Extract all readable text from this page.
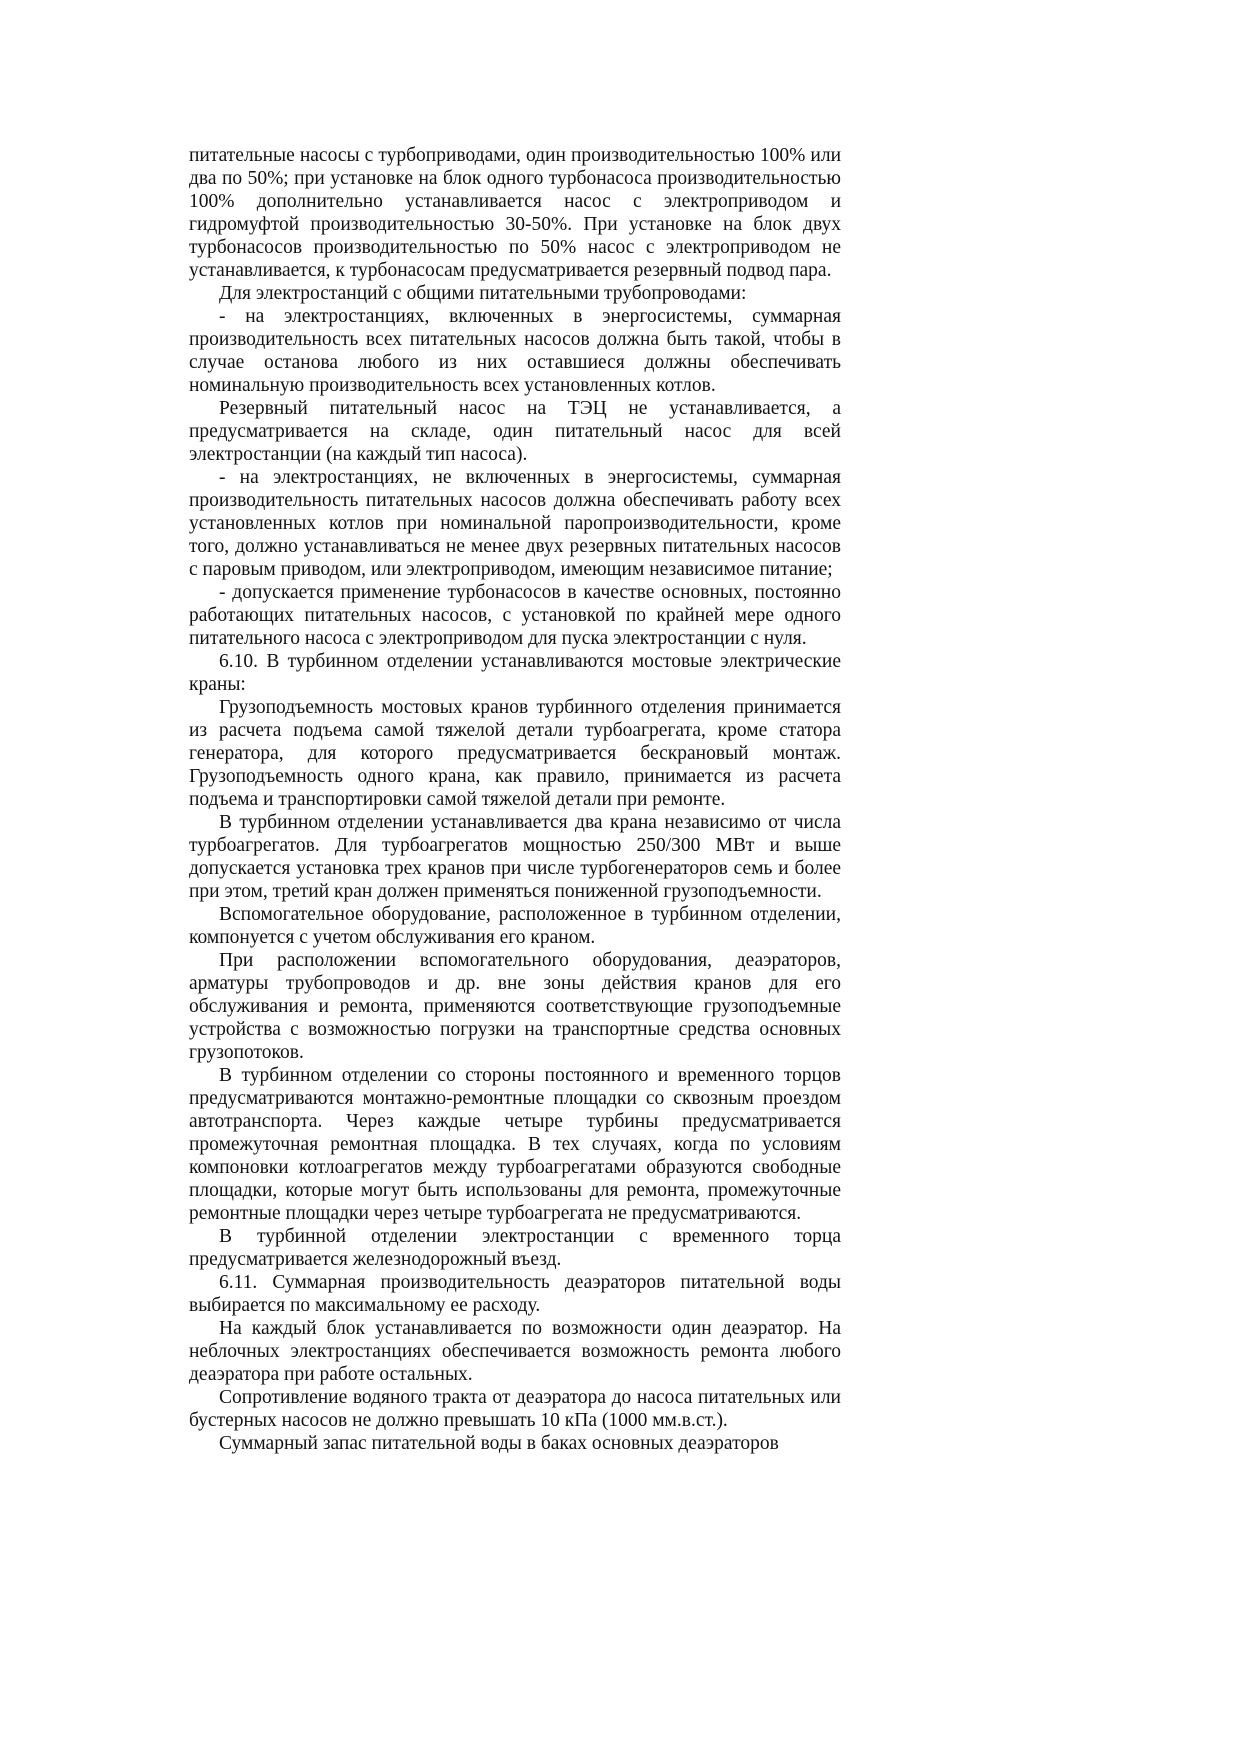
питательные насосы с турбоприводами, один производительностью 100% или два по 50%; при установке на блок одного турбонасоса производительностью 100% дополнительно устанавливается насос с электроприводом и гидромуфтой производительностью 30-50%. При установке на блок двух турбонасосов производительностью по 50% насос с электроприводом не устанавливается, к турбонасосам предусматривается резервный подвод пара.

Для электростанций с общими питательными трубопроводами:

- на электростанциях, включенных в энергосистемы, суммарная производительность всех питательных насосов должна быть такой, чтобы в случае останова любого из них оставшиеся должны обеспечивать номинальную производительность всех установленных котлов.

Резервный питательный насос на ТЭЦ не устанавливается, а предусматривается на складе, один питательный насос для всей электростанции (на каждый тип насоса).

- на электростанциях, не включенных в энергосистемы, суммарная производительность питательных насосов должна обеспечивать работу всех установленных котлов при номинальной паропроизводительности, кроме того, должно устанавливаться не менее двух резервных питательных насосов с паровым приводом, или электроприводом, имеющим независимое питание;

- допускается применение турбонасосов в качестве основных, постоянно работающих питательных насосов, с установкой по крайней мере одного питательного насоса с электроприводом для пуска электростанции с нуля.

6.10. В турбинном отделении устанавливаются мостовые электрические краны:

Грузоподъемность мостовых кранов турбинного отделения принимается из расчета подъема самой тяжелой детали турбоагрегата, кроме статора генератора, для которого предусматривается бескрановый монтаж. Грузоподъемность одного крана, как правило, принимается из расчета подъема и транспортировки самой тяжелой детали при ремонте.

В турбинном отделении устанавливается два крана независимо от числа турбоагрегатов. Для турбоагрегатов мощностью 250/300 МВт и выше допускается установка трех кранов при числе турбогенераторов семь и более при этом, третий кран должен применяться пониженной грузоподъемности.

Вспомогательное оборудование, расположенное в турбинном отделении, компонуется с учетом обслуживания его краном.

При расположении вспомогательного оборудования, деаэраторов, арматуры трубопроводов и др. вне зоны действия кранов для его обслуживания и ремонта, применяются соответствующие грузоподъемные устройства с возможностью погрузки на транспортные средства основных грузопотоков.

В турбинном отделении со стороны постоянного и временного торцов предусматриваются монтажно-ремонтные площадки со сквозным проездом автотранспорта. Через каждые четыре турбины предусматривается промежуточная ремонтная площадка. В тех случаях, когда по условиям компоновки котлоагрегатов между турбоагрегатами образуются свободные площадки, которые могут быть использованы для ремонта, промежуточные ремонтные площадки через четыре турбоагрегата не предусматриваются.

В турбинной отделении электростанции с временного торца предусматривается железнодорожный въезд.

6.11. Суммарная производительность деаэраторов питательной воды выбирается по максимальному ее расходу.

На каждый блок устанавливается по возможности один деаэратор. На неблочных электростанциях обеспечивается возможность ремонта любого деаэратора при работе остальных.

Сопротивление водяного тракта от деаэратора до насоса питательных или бустерных насосов не должно превышать 10 кПа (1000 мм.в.ст.).

Суммарный запас питательной воды в баках основных деаэраторов
